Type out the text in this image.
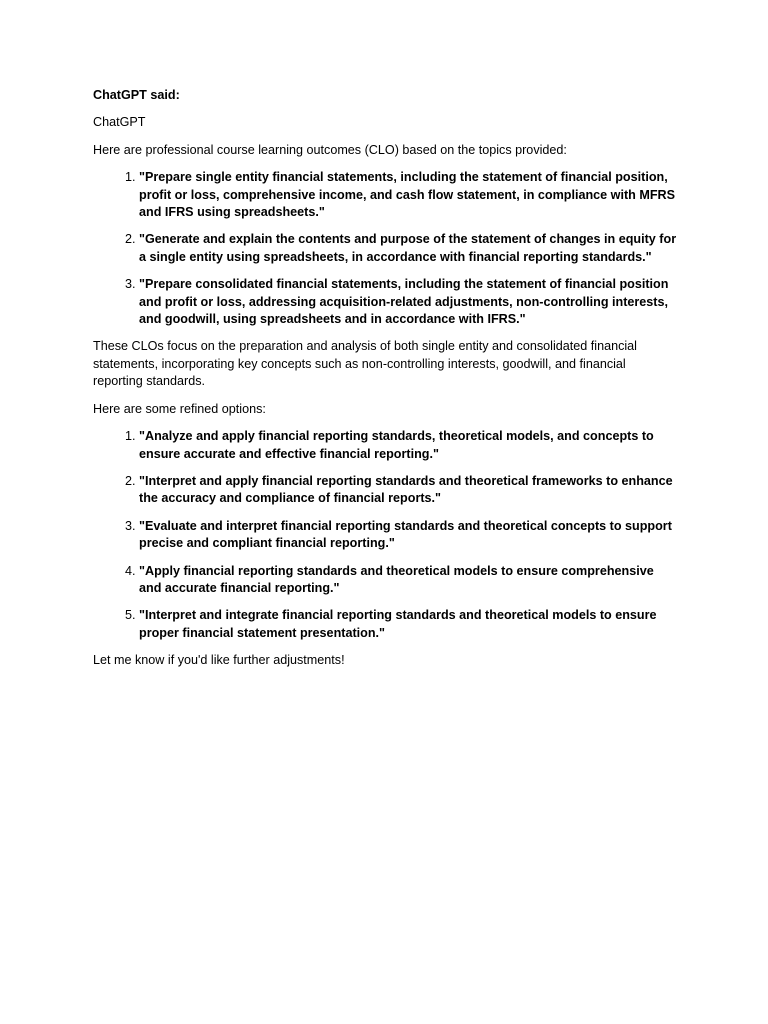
ChatGPT said:

ChatGPT

Here are professional course learning outcomes (CLO) based on the topics provided:

1. "Prepare single entity financial statements, including the statement of financial position, profit or loss, comprehensive income, and cash flow statement, in compliance with MFRS and IFRS using spreadsheets."
2. "Generate and explain the contents and purpose of the statement of changes in equity for a single entity using spreadsheets, in accordance with financial reporting standards."
3. "Prepare consolidated financial statements, including the statement of financial position and profit or loss, addressing acquisition-related adjustments, non-controlling interests, and goodwill, using spreadsheets and in accordance with IFRS."

These CLOs focus on the preparation and analysis of both single entity and consolidated financial statements, incorporating key concepts such as non-controlling interests, goodwill, and financial reporting standards.

Here are some refined options:

1. "Analyze and apply financial reporting standards, theoretical models, and concepts to ensure accurate and effective financial reporting."
2. "Interpret and apply financial reporting standards and theoretical frameworks to enhance the accuracy and compliance of financial reports."
3. "Evaluate and interpret financial reporting standards and theoretical concepts to support precise and compliant financial reporting."
4. "Apply financial reporting standards and theoretical models to ensure comprehensive and accurate financial reporting."
5. "Interpret and integrate financial reporting standards and theoretical models to ensure proper financial statement presentation."

Let me know if you'd like further adjustments!
